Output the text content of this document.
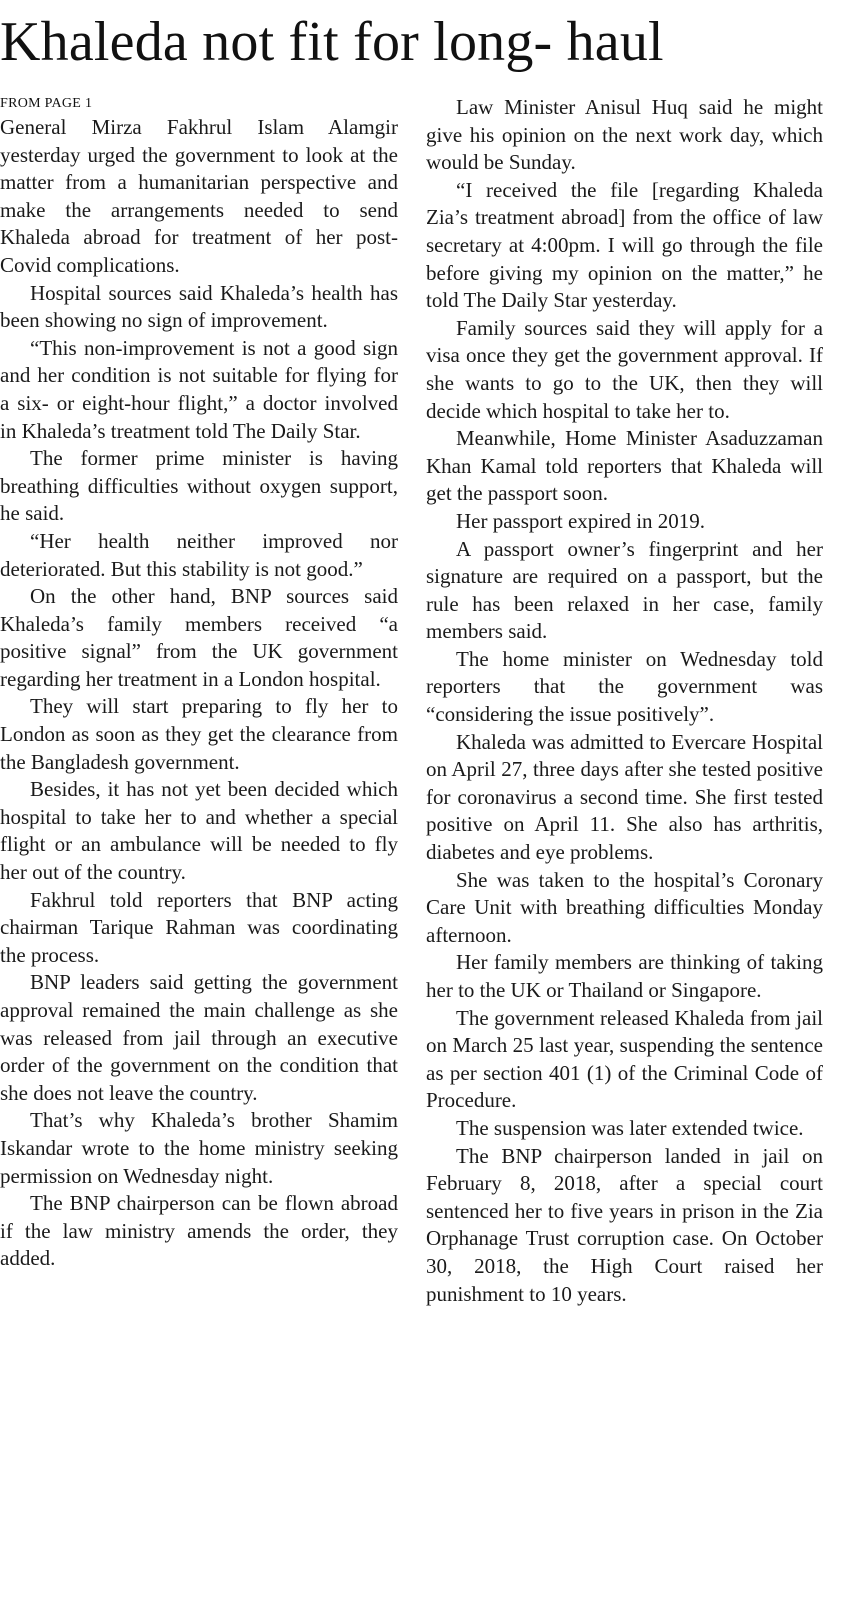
Khaleda not fit for long- haul
FROM PAGE 1

General Mirza Fakhrul Islam Alamgir yesterday urged the government to look at the matter from a humanitarian perspective and make the arrangements needed to send Khaleda abroad for treatment of her post-Covid complications.

Hospital sources said Khaleda’s health has been showing no sign of improvement.

“This non-improvement is not a good sign and her condition is not suitable for flying for a six- or eight-hour flight,” a doctor involved in Khaleda’s treatment told The Daily Star.

The former prime minister is having breathing difficulties without oxygen support, he said.

“Her health neither improved nor deteriorated. But this stability is not good.”

On the other hand, BNP sources said Khaleda’s family members received “a positive signal” from the UK government regarding her treatment in a London hospital.

They will start preparing to fly her to London as soon as they get the clearance from the Bangladesh government.

Besides, it has not yet been decided which hospital to take her to and whether a special flight or an ambulance will be needed to fly her out of the country.

Fakhrul told reporters that BNP acting chairman Tarique Rahman was coordinating the process.

BNP leaders said getting the government approval remained the main challenge as she was released from jail through an executive order of the government on the condition that she does not leave the country.

That’s why Khaleda’s brother Shamim Iskandar wrote to the home ministry seeking permission on Wednesday night.

The BNP chairperson can be flown abroad if the law ministry amends the order, they added.

Law Minister Anisul Huq said he might give his opinion on the next work day, which would be Sunday.

“I received the file [regarding Khaleda Zia’s treatment abroad] from the office of law secretary at 4:00pm. I will go through the file before giving my opinion on the matter,” he told The Daily Star yesterday.

Family sources said they will apply for a visa once they get the government approval. If she wants to go to the UK, then they will decide which hospital to take her to.

Meanwhile, Home Minister Asaduzzaman Khan Kamal told reporters that Khaleda will get the passport soon.

Her passport expired in 2019.

A passport owner’s fingerprint and her signature are required on a passport, but the rule has been relaxed in her case, family members said.

The home minister on Wednesday told reporters that the government was “considering the issue positively”.

Khaleda was admitted to Evercare Hospital on April 27, three days after she tested positive for coronavirus a second time. She first tested positive on April 11. She also has arthritis, diabetes and eye problems.

She was taken to the hospital’s Coronary Care Unit with breathing difficulties Monday afternoon.

Her family members are thinking of taking her to the UK or Thailand or Singapore.

The government released Khaleda from jail on March 25 last year, suspending the sentence as per section 401 (1) of the Criminal Code of Procedure.

The suspension was later extended twice.

The BNP chairperson landed in jail on February 8, 2018, after a special court sentenced her to five years in prison in the Zia Orphanage Trust corruption case. On October 30, 2018, the High Court raised her punishment to 10 years.
